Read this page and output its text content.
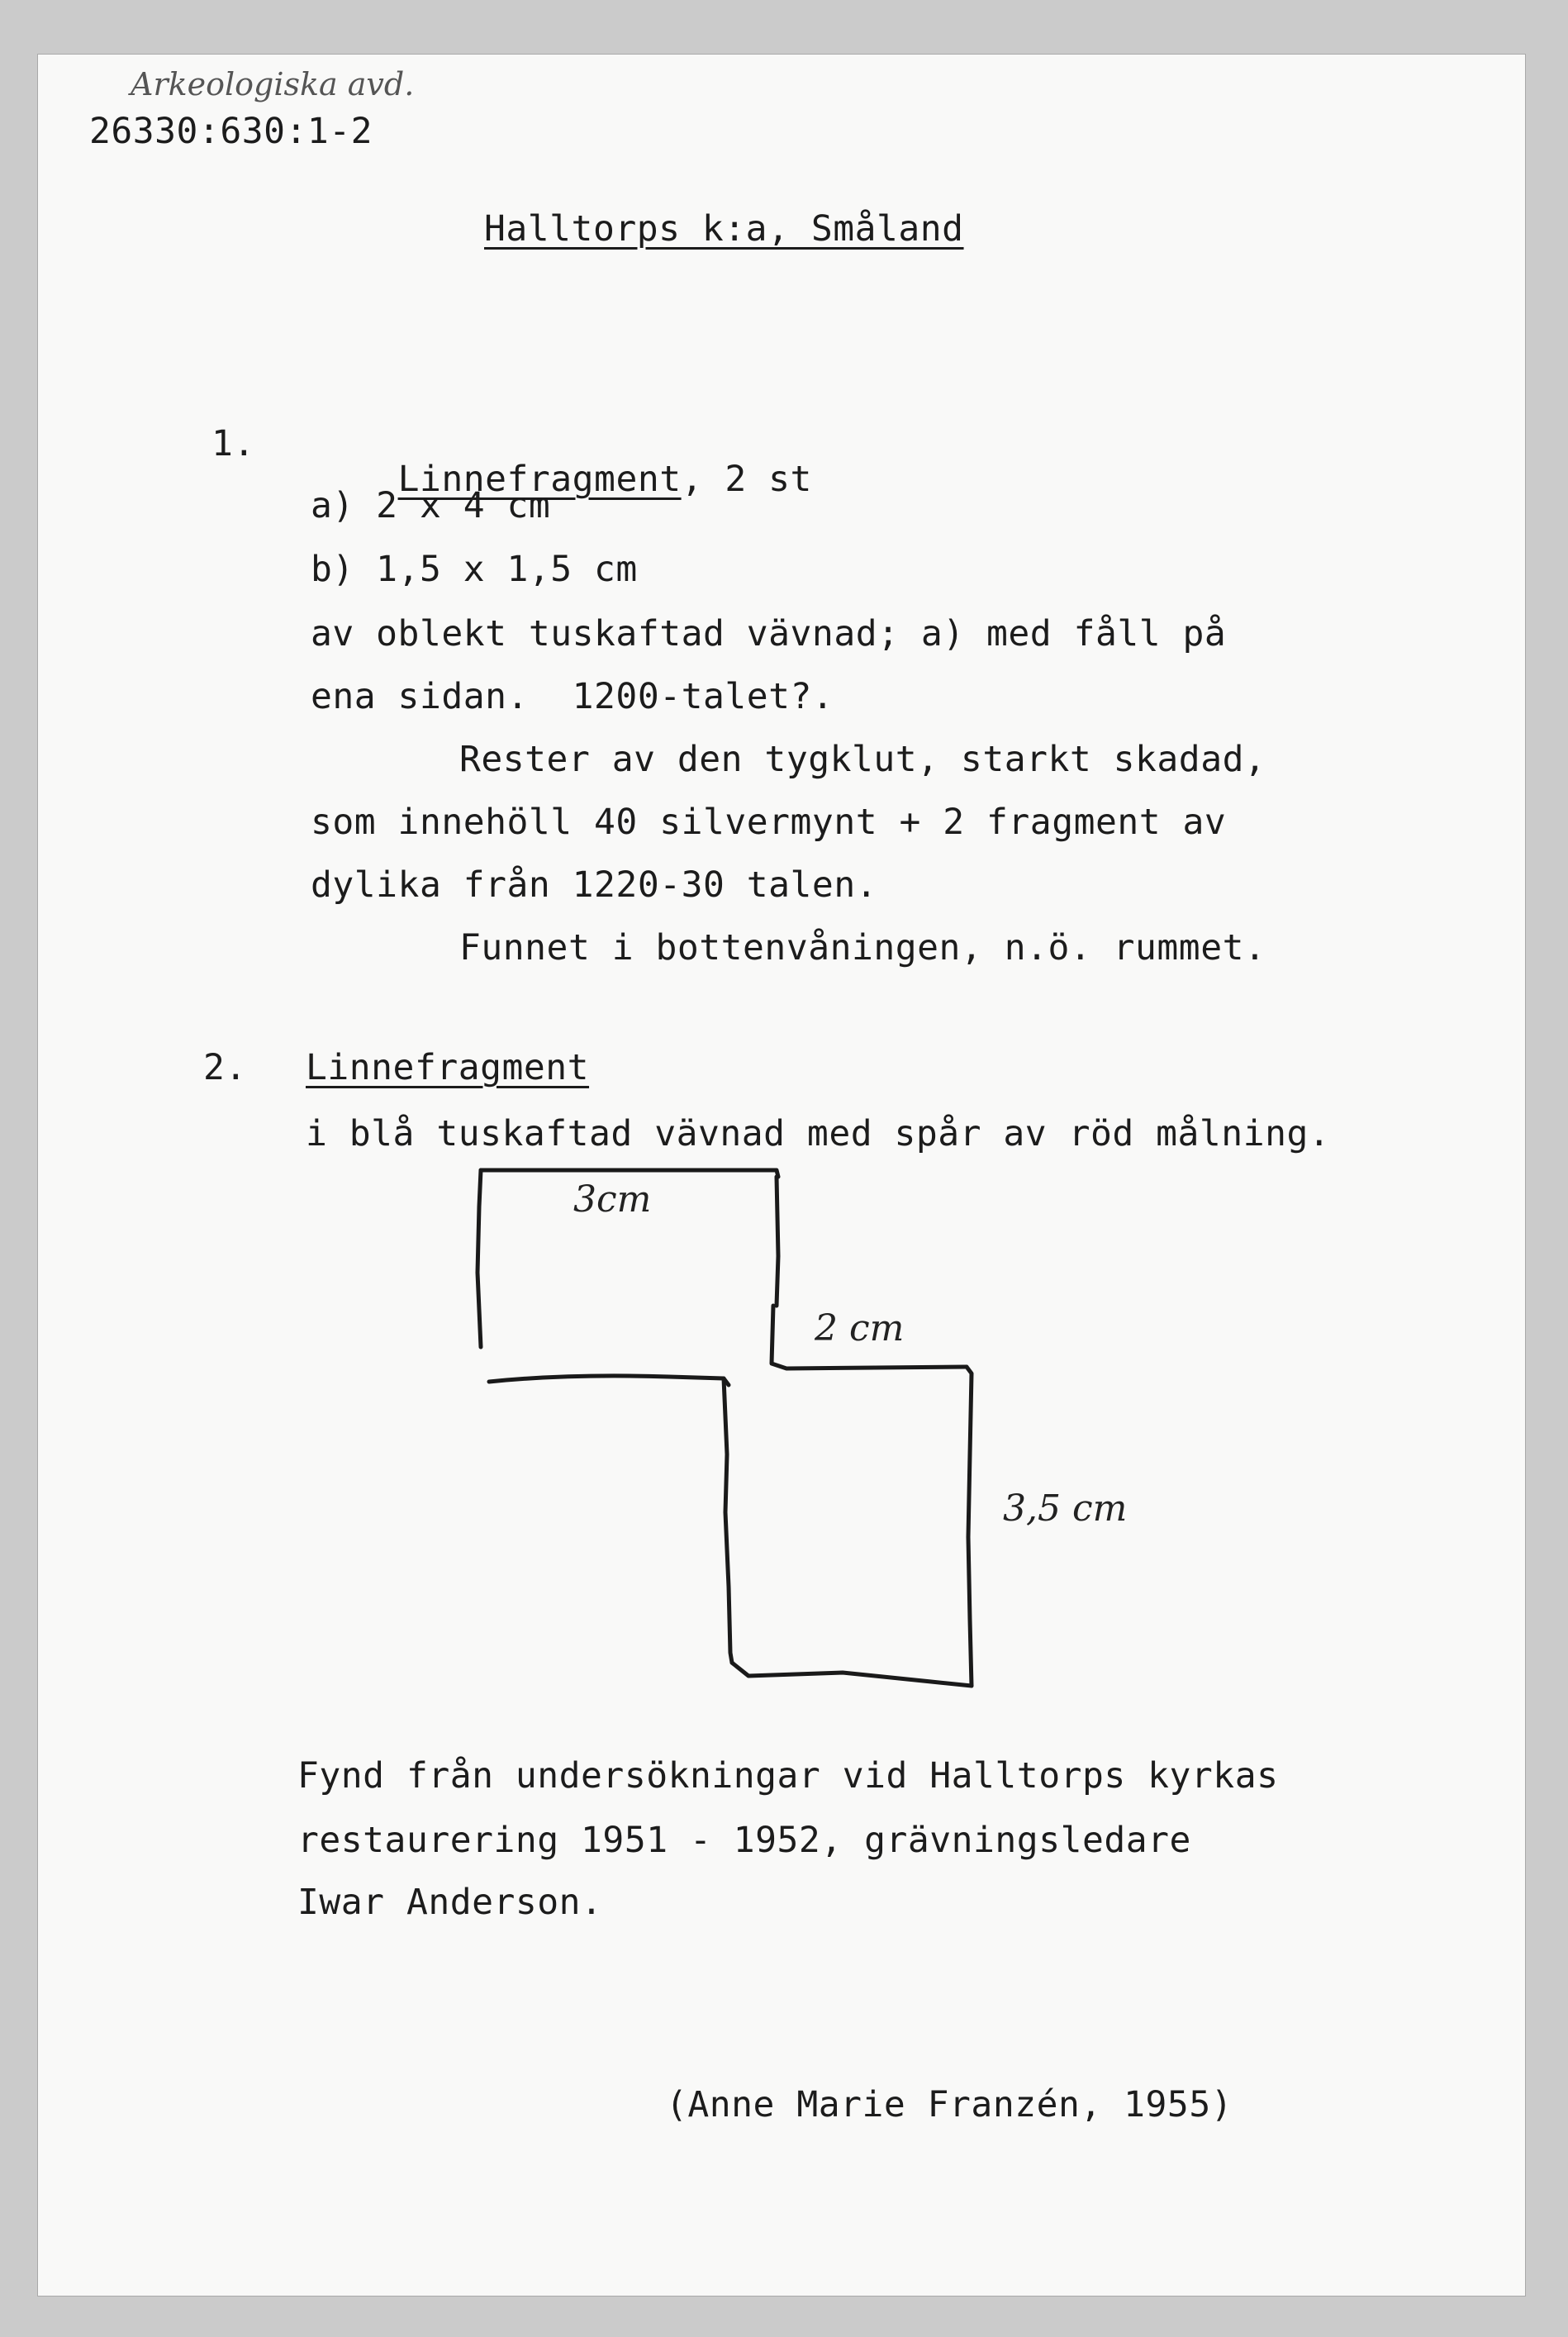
Arkeologiska avd.
26330:630:1-2
Halltorps k:a, Småland
1.

Linnefragment, 2 st

a) 2 x 4 cm
b) 1,5 x 1,5 cm
av oblekt tuskaftad vävnad; a) med fåll på
ena sidan.  1200-talet?.
Rester av den tygklut, starkt skadad,
som innehöll 40 silvermynt + 2 fragment av
dylika från 1220-30 talen.
Funnet i bottenvåningen, n.ö. rummet.
2. Linnefragment
i blå tuskaftad vävnad med spår av röd målning.
Fynd från undersökningar vid Halltorps kyrkas
restaurering 1951 - 1952, grävningsledare
Iwar Anderson.
(Anne Marie Franzén, 1955)
3cm
2 cm
3,5 cm
